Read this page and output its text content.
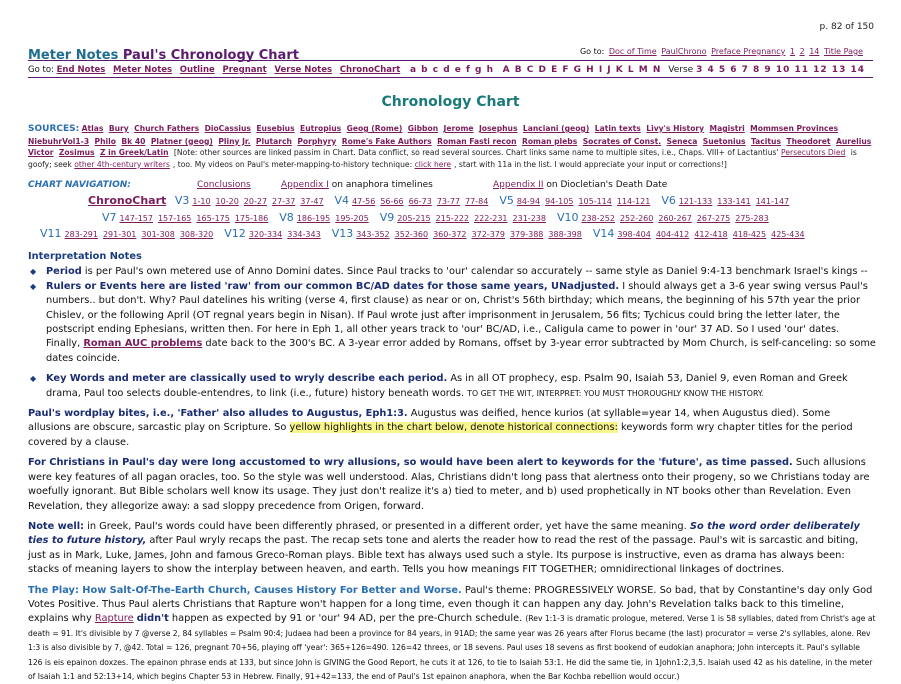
p. 82 of 150
Meter Notes Paul's Chronology Chart	Go to: Doc of Time PaulChrono Preface Pregnancy 1 2 14 Title Page
Go to: End Notes Meter Notes Outline Pregnant Verse Notes ChronoChart a b c d e f g h A B C D E F G H I J K L M N Verse 3 4 5 6 7 8 9 10 11 12 13 14
Chronology Chart
SOURCES: Atlas Bury Church Fathers DioCassius Eusebius Eutropius Geog (Rome) Gibbon Jerome Josephus Lanciani (geog) Latin texts Livy's History Magistri Mommsen Provinces NiebuhrVol1-3 Philo Bk 40 Platner (geog) Pliny Jr. Plutarch Porphyry Rome's Fake Authors Roman Fasti recon Roman plebs Socrates of Const. Seneca Suetonius Tacitus Theodoret Aurelius Victor Zosimus Z in Greek/Latin [Note: other sources are linked passim in Chart. Data conflict, so read several sources. Chart links same name to multiple sites, i.e., Chaps. VIII+ of Lactantius' Persecutors Died is goofy; seek other 4th-century writers , too. My videos on Paul's meter-mapping-to-history technique: click here , start with 11a in the list. I would appreciate your input or corrections!]
CHART NAVIGATION:	Conclusions	Appendix I on anaphora timelines	Appendix II on Diocletian's Death Date
ChronoChart V3 1-10 10-20 20-27 27-37 37-47 V4 47-56 56-66 66-73 73-77 77-84 V5 84-94 94-105 105-114 114-121 V6 121-133 133-141 141-147
V7 147-157 157-165 165-175 175-186 V8 186-195 195-205 V9 205-215 215-222 222-231 231-238 V10 238-252 252-260 260-267 267-275 275-283
V11 283-291 291-301 301-308 308-320 V12 320-334 334-343 V13 343-352 352-360 360-372 372-379 379-388 388-398 V14 398-404 404-412 412-418 418-425 425-434
Interpretation Notes

◆ Period is per Paul's own metered use of Anno Domini dates. Since Paul tracks to 'our' calendar so accurately -- same style as Daniel 9:4-13 benchmark Israel's kings --

◆ Rulers or Events here are listed 'raw' from our common BC/AD dates for those same years, UNadjusted. I should always get a 3-6 year swing versus Paul's numbers.. but don't. Why? Paul datelines his writing (verse 4, first clause) as near or on, Christ's 56th birthday; which means, the beginning of his 57th year the prior Chislev, or the following April (OT regnal years begin in Nisan). If Paul wrote just after imprisonment in Jerusalem, 56 fits; Tychicus could bring the letter later, the postscript ending Ephesians, written then. For here in Eph 1, all other years track to 'our' BC/AD, i.e., Caligula came to power in 'our' 37 AD. So I used 'our' dates. Finally, Roman AUC problems date back to the 300's BC. A 3-year error added by Romans, offset by 3-year error subtracted by Mom Church, is self-canceling: so some dates coincide.

◆ Key Words and meter are classically used to wryly describe each period. As in all OT prophecy, esp. Psalm 90, Isaiah 53, Daniel 9, even Roman and Greek drama, Paul too selects double-entendres, to link (i.e., future) history beneath words. TO GET THE WIT, INTERPRET: YOU MUST THOROUGHLY KNOW THE HISTORY.

Paul's wordplay bites, i.e., 'Father' also alludes to Augustus, Eph1:3. Augustus was deified, hence kurios (at syllable=year 14, when Augustus died). Some allusions are obscure, sarcastic play on Scripture. So yellow highlights in the chart below, denote historical connections: keywords form wry chapter titles for the period covered by a clause.

For Christians in Paul's day were long accustomed to wry allusions, so would have been alert to keywords for the 'future', as time passed. Such allusions were key features of all pagan oracles, too. So the style was well understood. Alas, Christians didn't long pass that alertness onto their progeny, so we Christians today are woefully ignorant. But Bible scholars well know its usage. They just don't realize it's a) tied to meter, and b) used prophetically in NT books other than Revelation. Even Revelation, they allegorize away: a sad sloppy precedence from Origen, forward.

Note well: in Greek, Paul's words could have been differently phrased, or presented in a different order, yet have the same meaning. So the word order deliberately ties to future history, after Paul wryly recaps the past. The recap sets tone and alerts the reader how to read the rest of the passage. Paul's wit is sarcastic and biting, just as in Mark, Luke, James, John and famous Greco-Roman plays. Bible text has always used such a style. Its purpose is instructive, even as drama has always been: stacks of meaning layers to show the interplay between heaven, and earth. Tells you how meanings FIT TOGETHER; omnidirectional linkages of doctrines.

The Play: How Salt-Of-The-Earth Church, Causes History For Better and Worse. Paul's theme: PROGRESSIVELY WORSE. So bad, that by Constantine's day only God Votes Positive. Thus Paul alerts Christians that Rapture won't happen for a long time, even though it can happen any day. John's Revelation talks back to this timeline, explains why Rapture didn't happen as expected by 91 or 'our' 94 AD, per the pre-Church schedule. (Rev 1:1-3 is dramatic prologue, metered. Verse 1 is 58 syllables, dated from Christ's age at death = 91. It's divisible by 7 @verse 2, 84 syllables = Psalm 90:4; Judaea had been a province for 84 years, in 91AD; the same year was 26 years after Florus became (the last) procurator = verse 2's syllables, alone. Rev 1:3 is also divisible by 7, @42. Total = 126, pregnant 70+56, playing off 'year': 365+126=490. 126=42 threes, or 18 sevens. Paul uses 18 sevens as first bookend of eudokian anaphora; John intercepts it. Paul's syllable 126 is eis epainon doxzes. The epainon phrase ends at 133, but since John is GIVING the Good Report, he cuts it at 126, to tie to Isaiah 53:1. He did the same tie, in 1John1:2,3,5. Isaiah used 42 as his dateline, in the meter of Isaiah 1:1 and 52:13+14, which begins Chapter 53 in Hebrew. Finally, 91+42=133, the end of Paul's 1st epainon anaphora, when the Bar Kochba rebellion would occur.)
